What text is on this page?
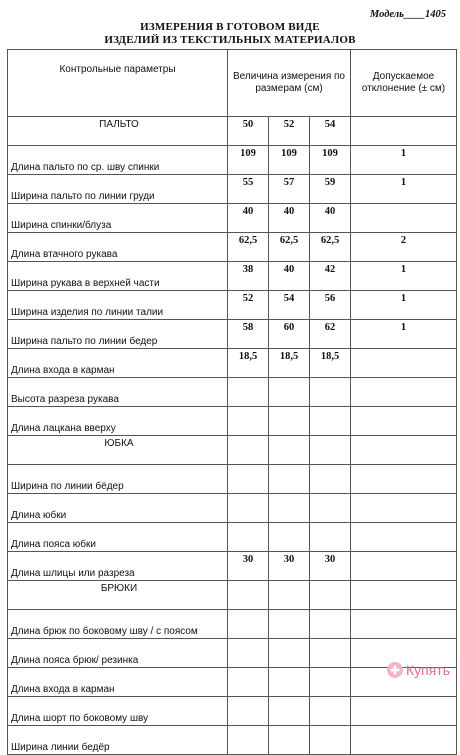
Модель____1405
ИЗМЕРЕНИЯ В ГОТОВОМ ВИДЕ
ИЗДЕЛИЙ ИЗ ТЕКСТИЛЬНЫХ МАТЕРИАЛОВ
Контрольные параметры	Величина измерения по размерам (см)			Допускаемое отклонение (± см)

ПАЛЬТО	50	52	54	

Длина пальто по ср. шву спинки	109	109	109	1

Ширина пальто по линии груди	55	57	59	1

Ширина спинки/блуза	40	40	40	

Длина втачного рукава	62,5	62,5	62,5	2

Ширина рукава в верхней части	38	40	42	1

Ширина изделия по линии талии	52	54	56	1

Ширина пальто по линии бедер	58	60	62	1

Длина входа в карман	18,5	18,5	18,5	

Высота разреза рукава				

Длина лацкана вверху				

ЮБКА				

Ширина по линии бёдер				

Длина юбки				

Длина пояса юбки				

Длина шлицы или разреза	30	30	30	

БРЮКИ				

Длина брюк по боковому шву / с поясом				

Длина пояса брюк/ резинка				

Длина входа в карман				

Длина шорт по боковому шву				

Ширина линии бедёр				

Купять
